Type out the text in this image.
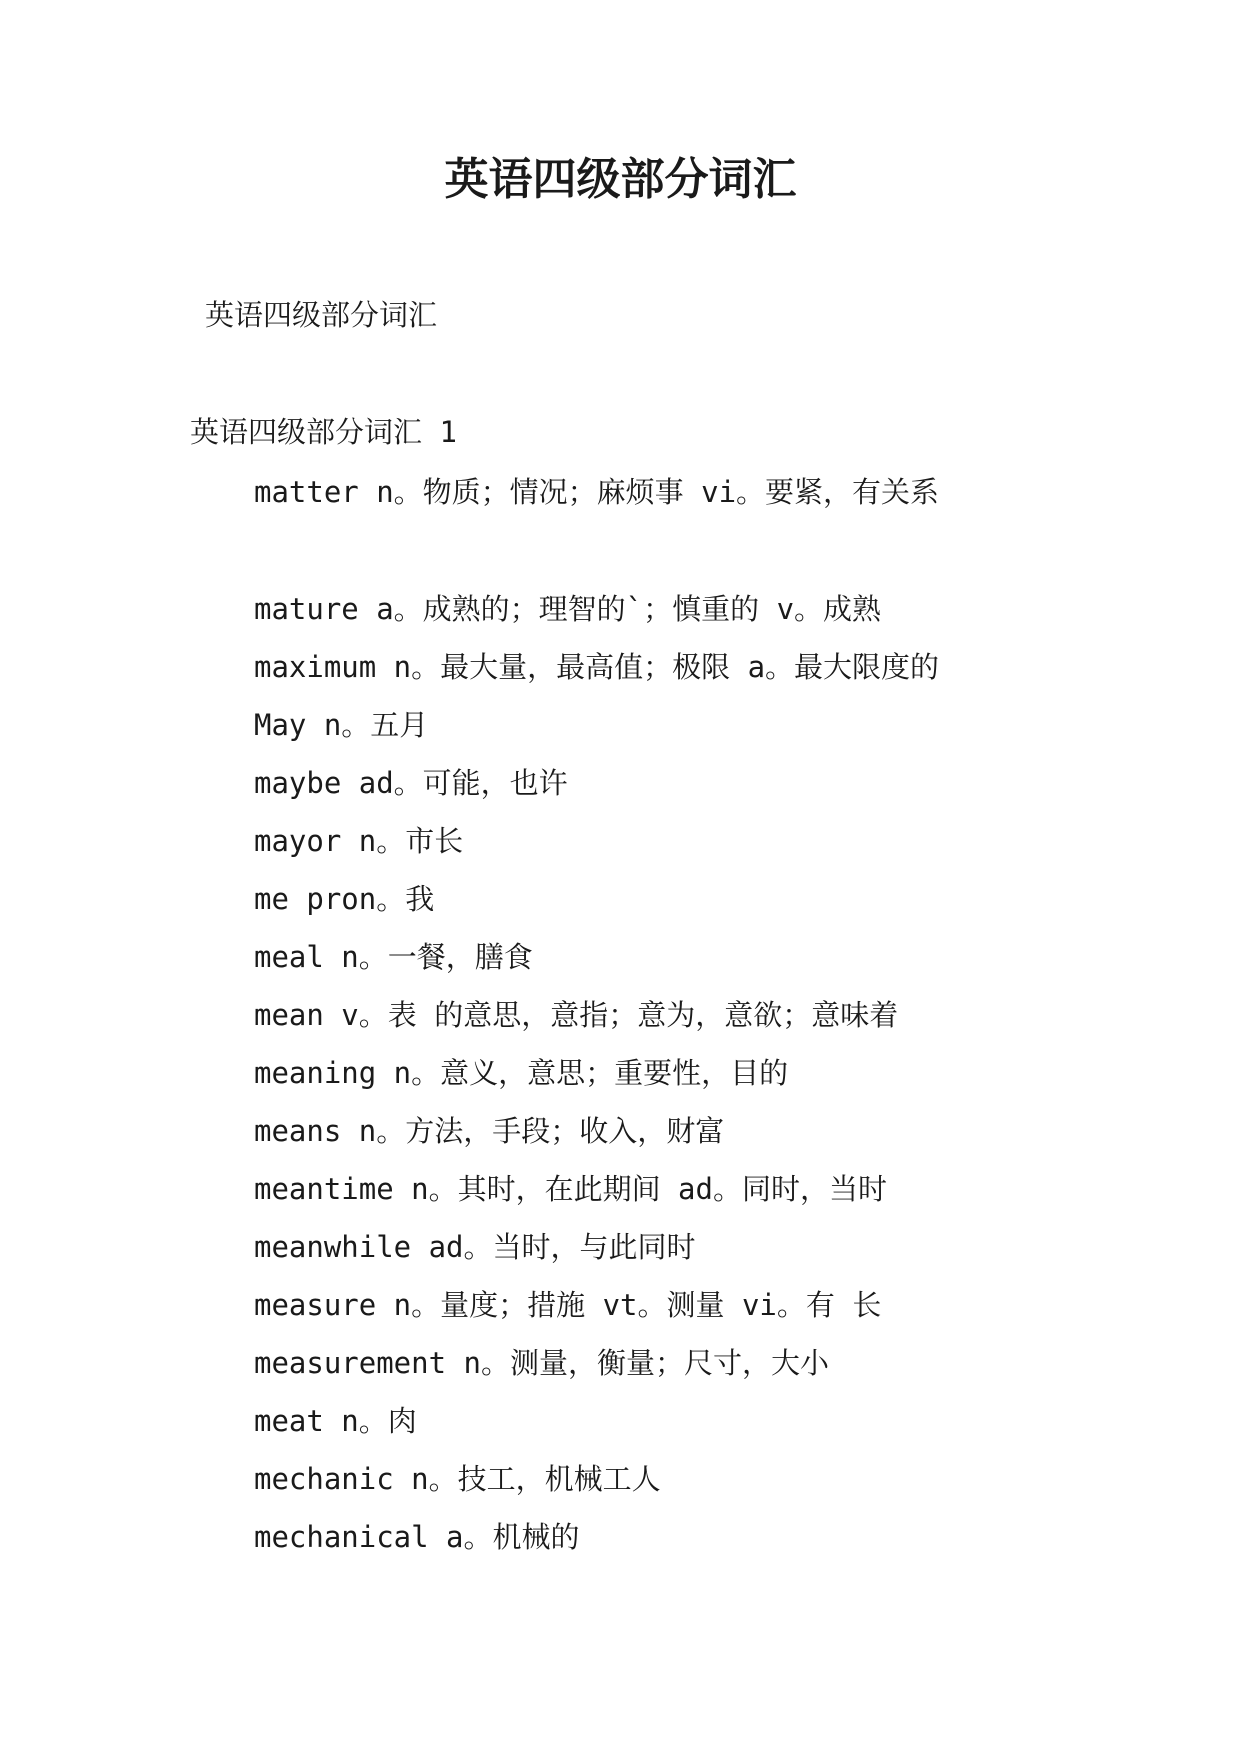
英语四级部分词汇

英语四级部分词汇

英语四级部分词汇 1

matter n。物质；情况；麻烦事 vi。要紧，有关系

mature a。成熟的；理智的`；慎重的 v。成熟

maximum n。最大量，最高值；极限 a。最大限度的

May n。五月

maybe ad。可能，也许

mayor n。市长

me pron。我

meal n。一餐，膳食

mean v。表 的意思，意指；意为，意欲；意味着

meaning n。意义，意思；重要性，目的

means n。方法，手段；收入，财富

meantime n。其时，在此期间 ad。同时，当时

meanwhile ad。当时，与此同时

measure n。量度；措施 vt。测量 vi。有 长

measurement n。测量，衡量；尺寸，大小

meat n。肉

mechanic n。技工，机械工人

mechanical a。机械的
